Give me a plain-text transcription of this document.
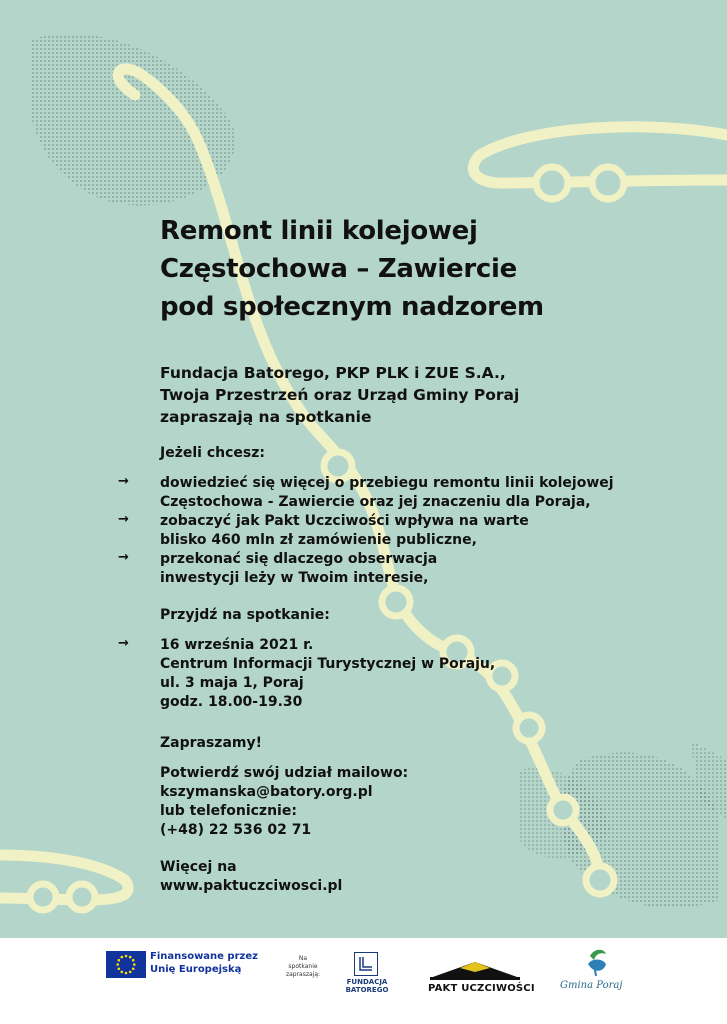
Remont linii kolejowej
Częstochowa – Zawiercie
pod społecznym nadzorem
Fundacja Batorego, PKP PLK i ZUE S.A.,
Twoja Przestrzeń oraz Urząd Gminy Poraj
zapraszają na spotkanie
Jeżeli chcesz:
→ dowiedzieć się więcej o przebiegu remontu linii kolejowej
Częstochowa - Zawiercie oraz jej znaczeniu dla Poraja,
→ zobaczyć jak Pakt Uczciwości wpływa na warte
blisko 460 mln zł zamówienie publiczne,
→ przekonać się dlaczego obserwacja
inwestycji leży w Twoim interesie,
Przyjdź na spotkanie:
→ 16 września 2021 r.
Centrum Informacji Turystycznej w Poraju,
ul. 3 maja 1, Poraj
godz. 18.00-19.30
Zapraszamy!
Potwierdź swój udział mailowo:
kszymanska@batory.org.pl
lub telefonicznie:
(+48) 22 536 02 71
Więcej na
www.paktuczciwosci.pl
Finansowane przez
Unię Europejską
Na
spotkanie
zapraszają:
FUNDACJA
BATOREGO	PAKT UCZCIWOŚCI	Gmina Poraj
